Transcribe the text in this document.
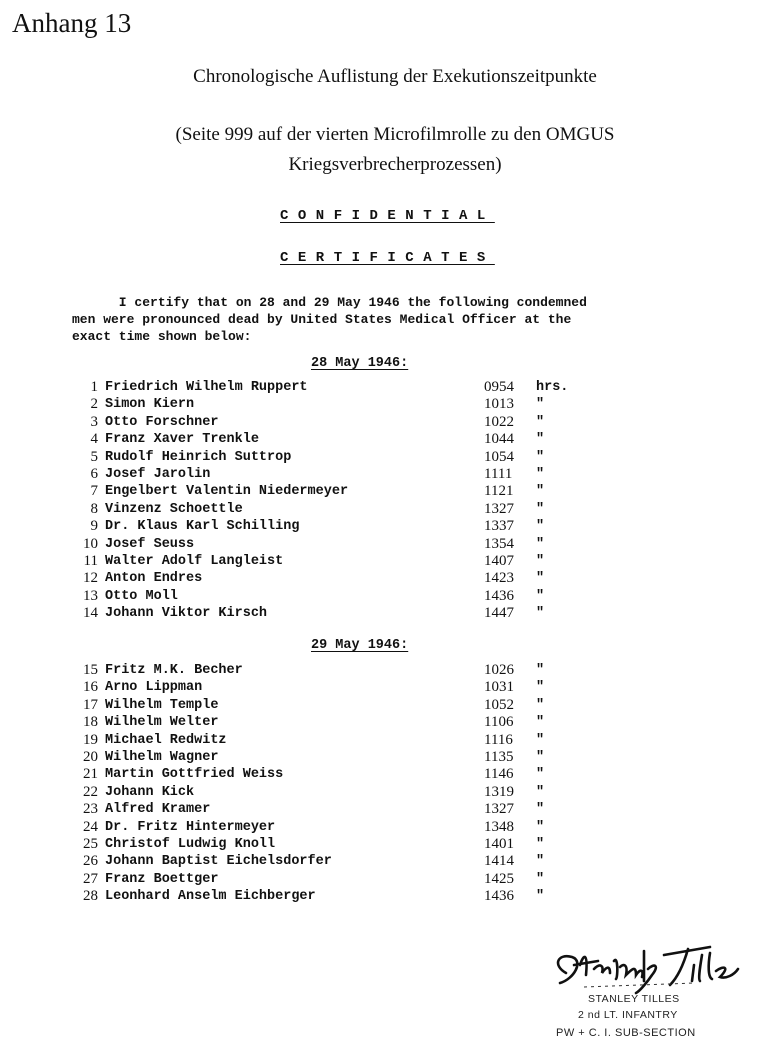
Anhang 13
Chronologische Auflistung der Exekutionszeitpunkte
(Seite 999 auf der vierten Microfilmrolle zu den OMGUS
Kriegsverbrecherprozessen)
CONFIDENTIAL
CERTIFICATES
I certify that on 28 and 29 May 1946 the following condemned
men were pronounced dead by United States Medical Officer at the
exact time shown below:
28 May 1946:
1 Friedrich Wilhelm Ruppert	0954 hrs.
2 Simon Kiern	1013 "
3 Otto Forschner	1022 "
4 Franz Xaver Trenkle	1044 "
5 Rudolf Heinrich Suttrop	1054 "
6 Josef Jarolin	1111 "
7 Engelbert Valentin Niedermeyer	1121 "
8 Vinzenz Schoettle	1327 "
9 Dr. Klaus Karl Schilling	1337 "
10 Josef Seuss	1354 "
11 Walter Adolf Langleist	1407 "
12 Anton Endres	1423 "
13 Otto Moll	1436 "
14 Johann Viktor Kirsch	1447 "
29 May 1946:
15 Fritz M.K. Becher	1026 "
16 Arno Lippman	1031 "
17 Wilhelm Temple	1052 "
18 Wilhelm Welter	1106 "
19 Michael Redwitz	1116 "
20 Wilhelm Wagner	1135 "
21 Martin Gottfried Weiss	1146 "
22 Johann Kick	1319 "
23 Alfred Kramer	1327 "
24 Dr. Fritz Hintermeyer	1348 "
25 Christof Ludwig Knoll	1401 "
26 Johann Baptist Eichelsdorfer	1414 "
27 Franz Boettger	1425 "
28 Leonhard Anselm Eichberger	1436 "
STANLEY TILLES
2 nd LT. INFANTRY
PW + C. I. SUB-SECTION
